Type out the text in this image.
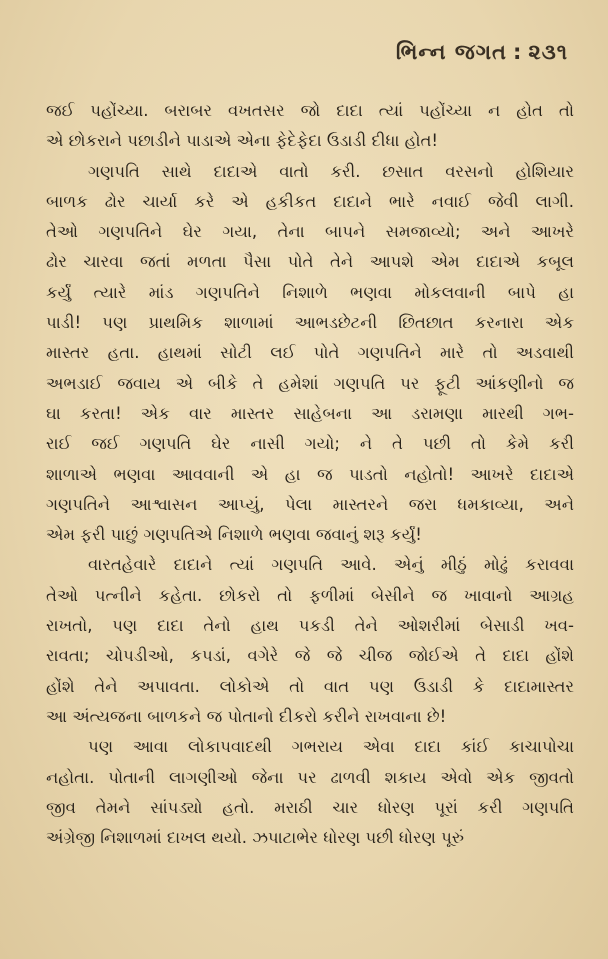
ભિન્ન જગત : ૨૩૧
જઈ પહોંચ્યા. બરાબર વખતસર જો દાદા ત્યાં પહોંચ્યા ન હોત તો
એ છોકરાને પછાડીને પાડાએ એના ફેદેફેદા ઉડાડી દીધા હોત!
ગણપતિ સાથે દાદાએ વાતો કરી. છસાત વરસનો હોશિયાર
બાળક ઢોર ચાર્યા કરે એ હકીકત દાદાને ભારે નવાઈ જેવી લાગી.
તેઓ ગણપતિને ઘેર ગયા, તેના બાપને સમજાવ્યો; અને આખરે
ઢોર ચારવા જતાં મળતા પૈસા પોતે તેને આપશે એમ દાદાએ કબૂલ
કર્યું ત્યારે માંડ ગણપતિને નિશાળે ભણવા મોકલવાની બાપે હા
પાડી! પણ પ્રાથમિક શાળામાં આભડછેટની છિતછાત કરનારા એક
માસ્તર હતા. હાથમાં સોટી લઈ પોતે ગણપતિને મારે તો અડવાથી
અભડાઈ જવાય એ બીકે તે હમેશાં ગણપતિ પર ફૂટી આંકણીનો જ
ઘા કરતા! એક વાર માસ્તર સાહેબના આ ડરામણા મારથી ગભ-
રાઈ જઈ ગણપતિ ઘેર નાસી ગયો; ને તે પછી તો કેમે કરી
શાળાએ ભણવા આવવાની એ હા જ પાડતો નહોતો! આખરે દાદાએ
ગણપતિને આશ્વાસન આપ્યું, પેલા માસ્તરને જરા ધમકાવ્યા, અને
એમ ફરી પાછું ગણપતિએ નિશાળે ભણવા જવાનું શરૂ કર્યું!
વારતહેવારે દાદાને ત્યાં ગણપતિ આવે. એનું મીઠું મોઢું કરાવવા
તેઓ પત્નીને કહેતા. છોકરો તો ફળીમાં બેસીને જ ખાવાનો આગ્રહ
રાખતો, પણ દાદા તેનો હાથ પકડી તેને ઓશરીમાં બેસાડી ખવ-
રાવતા; ચોપડીઓ, કપડાં, વગેરે જે જે ચીજ જોઈએ તે દાદા હોંશે
હોંશે તેને અપાવતા. લોકોએ તો વાત પણ ઉડાડી કે દાદામાસ્તર
આ અંત્યજના બાળકને જ પોતાનો દીકરો કરીને રાખવાના છે!
પણ આવા લોકાપવાદથી ગભરાય એવા દાદા કાંઈ કાચાપોચા
નહોતા. પોતાની લાગણીઓ જેના પર ઢાળવી શકાય એવો એક જીવતો
જીવ તેમને સાંપડ્યો હતો. મરાઠી ચાર ધોરણ પૂરાં કરી ગણપતિ
અંગ્રેજી નિશાળમાં દાખલ થયો. ઝપાટાભેર ધોરણ પછી ધોરણ પૂરું
